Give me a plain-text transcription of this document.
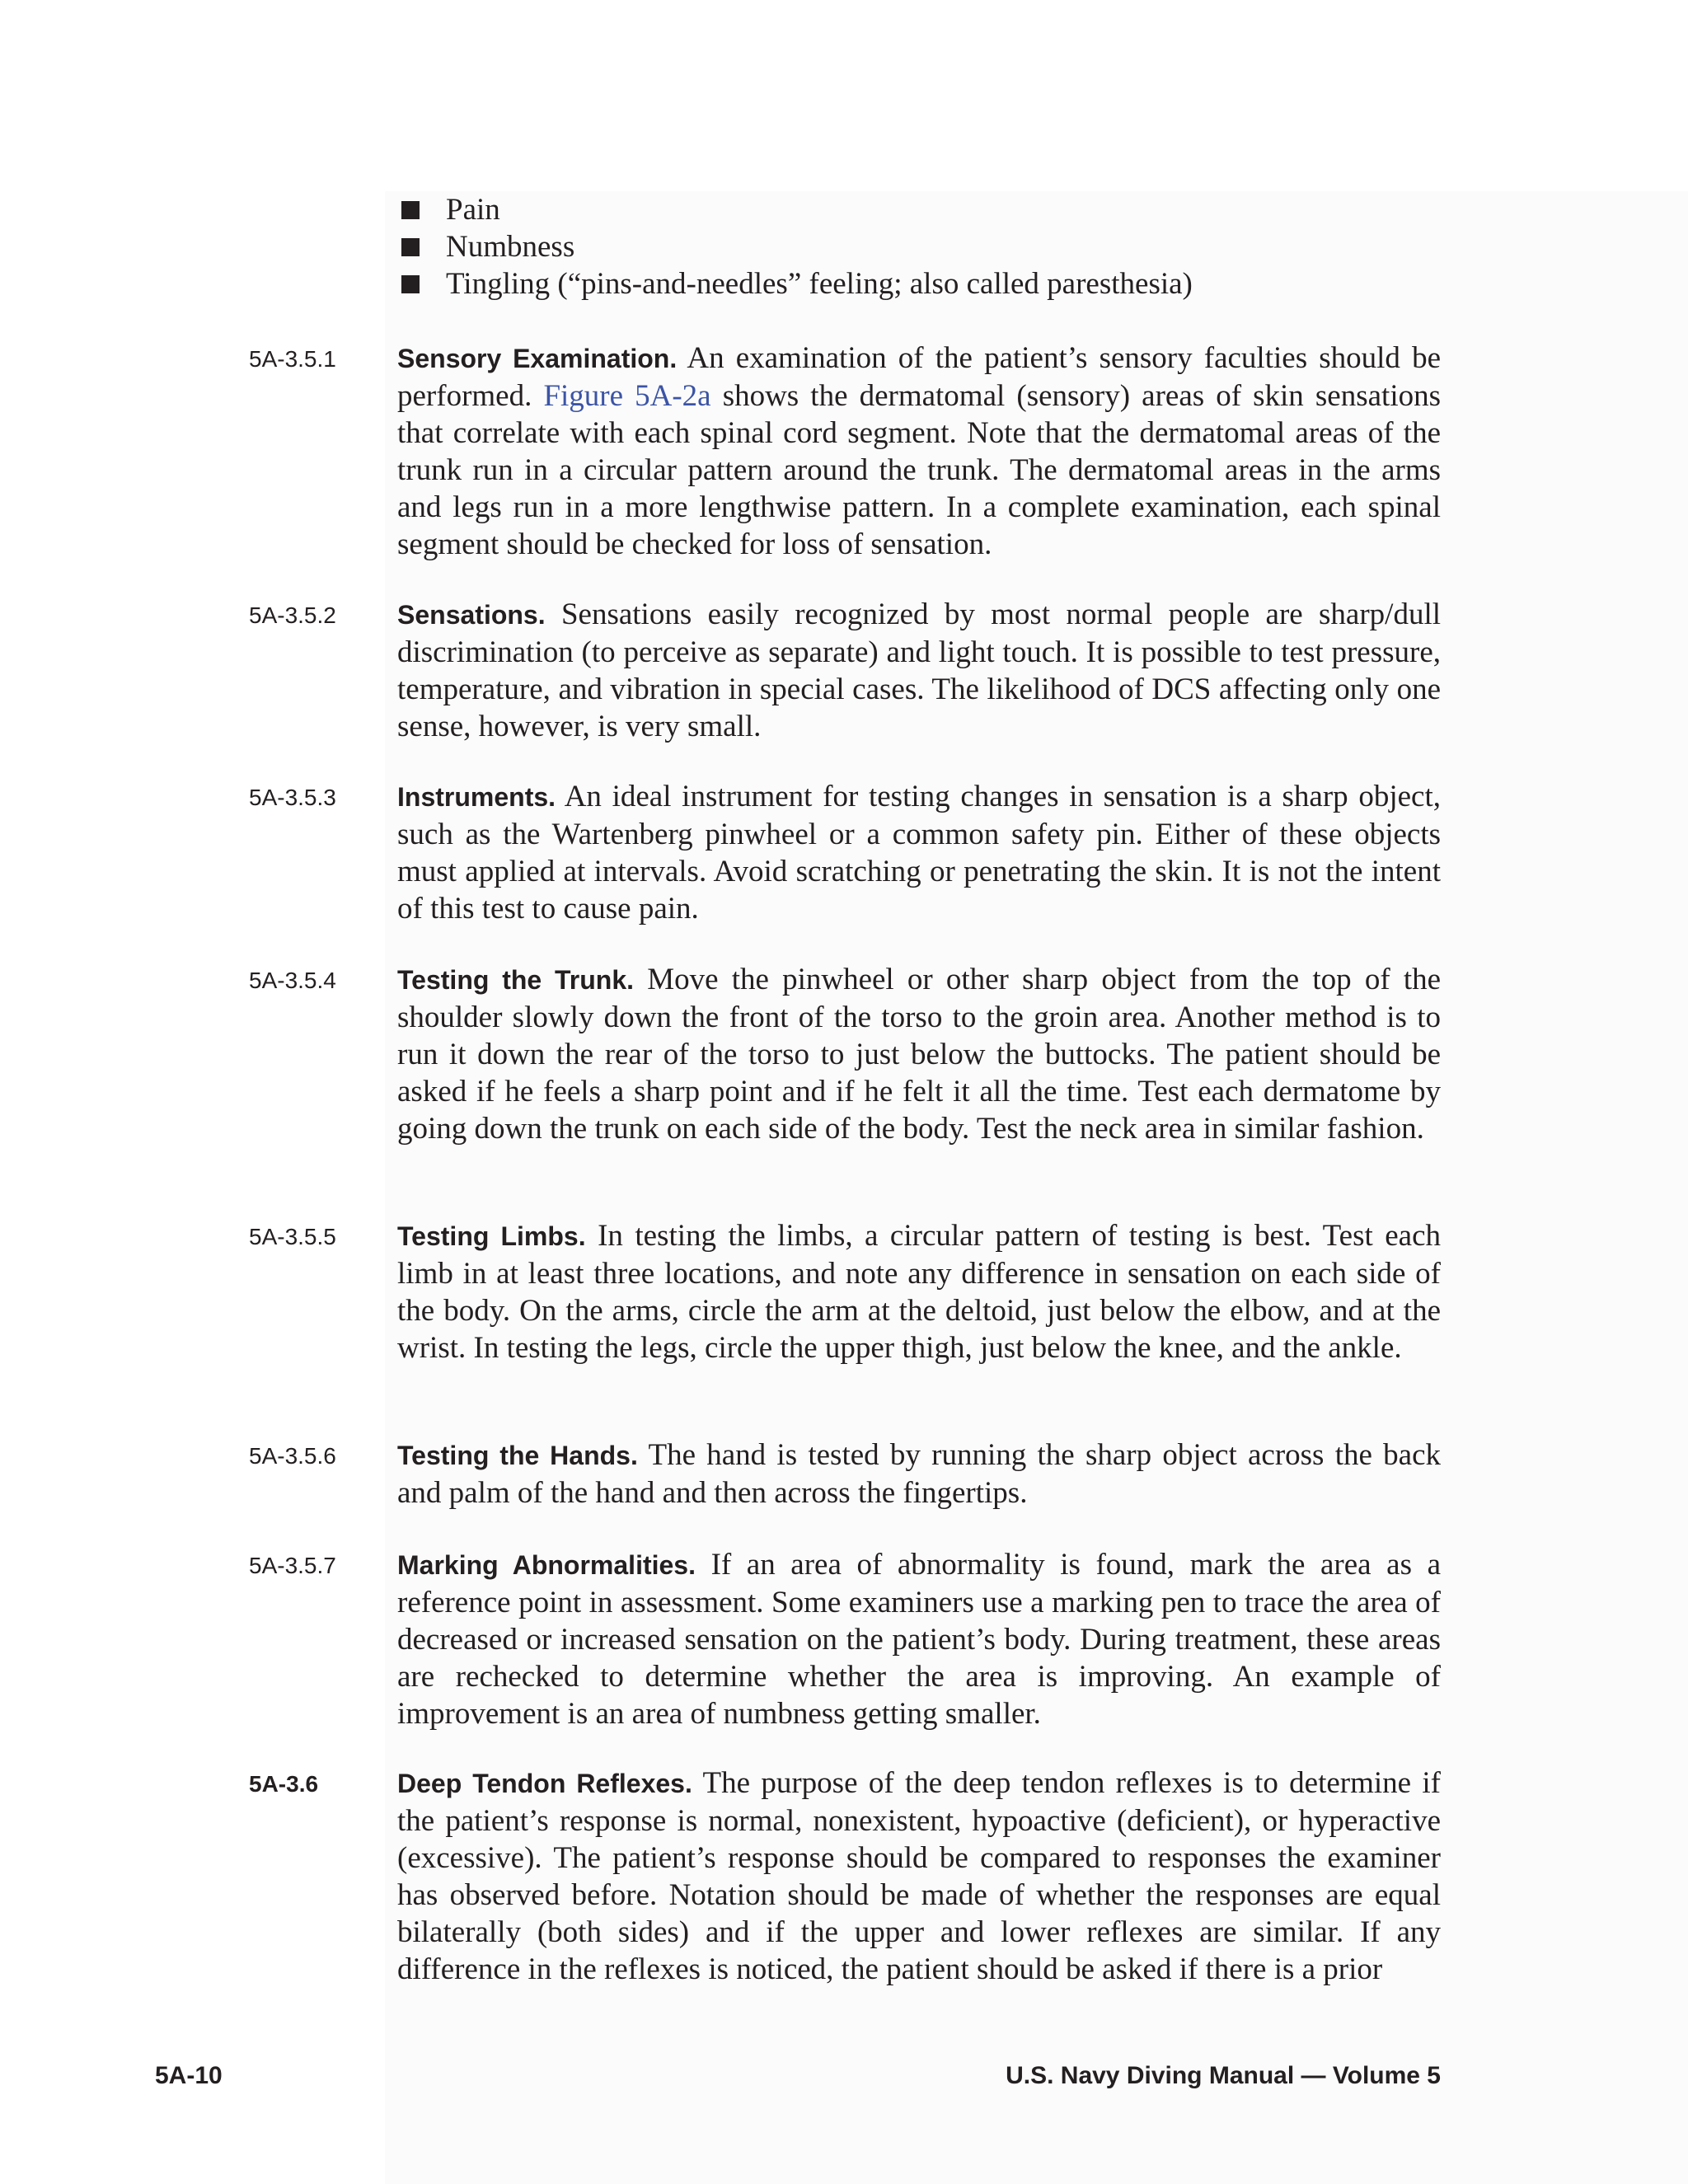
Pain
Numbness
Tingling (“pins-and-needles” feeling; also called paresthesia)
5A-3.5.1 Sensory Examination. An examination of the patient’s sensory faculties should be performed. Figure 5A-2a shows the dermatomal (sensory) areas of skin sensations that correlate with each spinal cord segment. Note that the dermatomal areas of the trunk run in a circular pattern around the trunk. The dermatomal areas in the arms and legs run in a more lengthwise pattern. In a complete examination, each spinal segment should be checked for loss of sensation.
5A-3.5.2 Sensations. Sensations easily recognized by most normal people are sharp/dull discrimination (to perceive as separate) and light touch. It is possible to test pressure, temperature, and vibration in special cases. The likelihood of DCS affecting only one sense, however, is very small.
5A-3.5.3 Instruments. An ideal instrument for testing changes in sensation is a sharp object, such as the Wartenberg pinwheel or a common safety pin. Either of these objects must applied at intervals. Avoid scratching or penetrating the skin. It is not the intent of this test to cause pain.
5A-3.5.4 Testing the Trunk. Move the pinwheel or other sharp object from the top of the shoulder slowly down the front of the torso to the groin area. Another method is to run it down the rear of the torso to just below the buttocks. The patient should be asked if he feels a sharp point and if he felt it all the time. Test each dermatome by going down the trunk on each side of the body. Test the neck area in similar fashion.
5A-3.5.5 Testing Limbs. In testing the limbs, a circular pattern of testing is best. Test each limb in at least three locations, and note any difference in sensation on each side of the body. On the arms, circle the arm at the deltoid, just below the elbow, and at the wrist. In testing the legs, circle the upper thigh, just below the knee, and the ankle.
5A-3.5.6 Testing the Hands. The hand is tested by running the sharp object across the back and palm of the hand and then across the fingertips.
5A-3.5.7 Marking Abnormalities. If an area of abnormality is found, mark the area as a reference point in assessment. Some examiners use a marking pen to trace the area of decreased or increased sensation on the patient’s body. During treatment, these areas are rechecked to determine whether the area is improving. An example of improvement is an area of numbness getting smaller.
5A-3.6	Deep Tendon Reflexes. The purpose of the deep tendon reflexes is to determine if the patient’s response is normal, nonexistent, hypoactive (deficient), or hyperactive (excessive). The patient’s response should be compared to responses the examiner has observed before. Notation should be made of whether the responses are equal bilaterally (both sides) and if the upper and lower reflexes are similar. If any difference in the reflexes is noticed, the patient should be asked if there is a prior
5A-10	U.S. Navy Diving Manual — Volume 5
